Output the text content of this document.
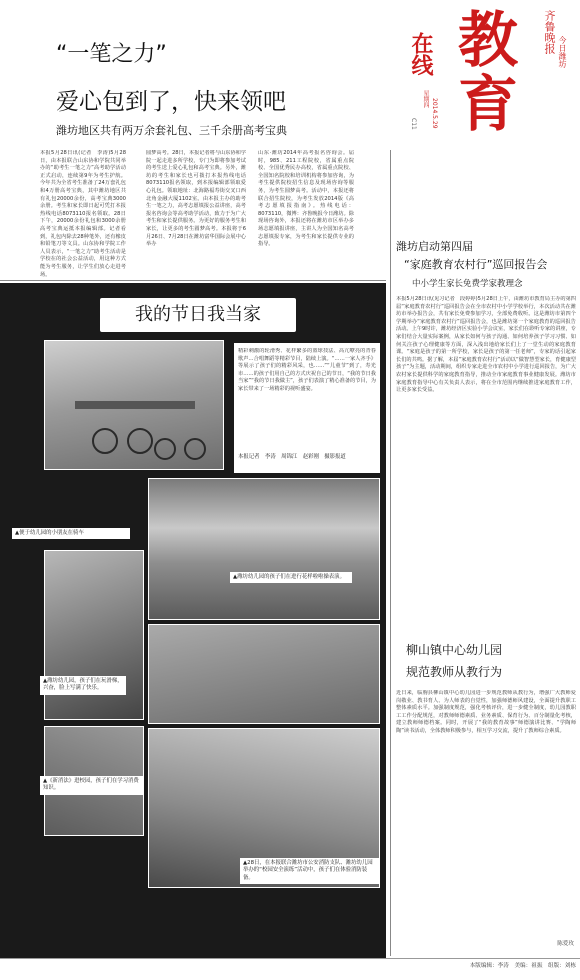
教育
在线	齐鲁晚报 今日潍坊
星期四 2014.5.29
C11
“一笔之力”
爱心包到了，快来领吧
潍坊地区共有两万余套礼包、三千余册高考宝典
本报5月28日讯(记者　李涛)5月28日，由本报联合山东协和学院共同举办的“助考生一笔之力”高考助学活动正式启动，连续第9年为考生护航。今年共为全省考生准备了24万套礼包和4万册高考宝典，其中潍坊地区共有礼包20000余份，高考宝典3000余册。考生和家长即日起可凭打本报热线电话8073110报名领取。28日下午，20000余份礼包和3000余册高考宝典运抵本报编辑部。记者看到，礼包内除去28种笔外，还有橡皮和铅笔刀等文具。山东协和学院工作人员表示，“一笔之力”助考生活动是学校在的社会公益活动，用这种方式能为考生服务，让学生们放心走进考场。
圆梦高考。28日，本报记者将与山东协和学院一起走进多所学校，专门为即将参加考试的考生送上爱心礼包和高考宝典。另外，潍坊的考生和家长也可拨打本报热线电话8073110报名领取，到本报编辑部领取爱心礼包。领取地址：北海路福寿街交叉口西北角金融大厦1102室。由本报主办的助考生一笔之力，高考志愿填报公益讲座，高考报名咨询会等高考助学活动，致力于为广大考生和家长提供服务。为更好的服务考生和家长，让更多的考生圆梦高考。本报将于6月26日、7月28日在潍坊富华国际会展中心举办
山东·潍坊2014年高考报名咨询会。届时，985、211工程院校，省属重点院校、全国优秀民办高校，省属重点院校、全国知名院校和培训机构将参加咨询，为考生提供院校招生信息及现场咨询等服务，为考生圆梦高考。活动中，本报还将联合招生院校，为考生发放2014版《高考志愿填报指南》。热线电话：8073110，微博：齐鲁晚报今日潍坊。除现场咨询外，本报还将在潍坊市区举办多场志愿填报讲座，主讲人为全国知名高考志愿填报专家，为考生和家长提供专业的指导。
我的节日我当家
精彩刺激的轮滑秀、花样繁多的篮球技法、高亢嘹亮的青春歌声…合唱舞蹈等精彩节目，陆续上演。“……一家人齐手》等展示了孩子们的精彩风采，也……”“儿童节”到了，寿光市……的孩子们用自己的方式庆祝自己的节日，“我的节日我当家”“我的节日我做主”，孩子们表演了精心准备的节目，为家长带来了一场精彩的视听盛宴。
本报记者　李涛　周锦江　赵彩刚　摄影报道
▲便于幼儿园的小朋友在骑车
▲潍坊幼儿园的孩子们在进行花样啦啦操表演。
▲潍坊幼儿园，孩子们在玩滑梯，兴奋，脸上写满了快乐。
▲《新消法》进校园，孩子们在学习消费知识。
▲28日，在本报联合潍坊市公安消防支队、潍坊幼儿园举办的“校园安全演练”活动中，孩子们在体验消防装备。
潍坊启动第四届
“家庭教育农村行”巡回报告会
中小学生家长免费学家教理念
本报5月28日讯(见习记者　段婷婷)5月28日上午，由潍坊市教育局主办的第四届“家庭教育农村行”巡回报告会在全市农村中小学学校举行，本次活动共在潍坊市举办报告会，共有家长免费参加学习，全部免费收听。这是潍坊市第四个学期举办“家庭教育农村行”巡回报告会，也是潍坊第一个家庭教育的巡回报告活动。上午9时许，潍坊经济区实验小学会议室，家长们在聆听专家的讲座，专家们结合大量实际案例，从家长如何与孩子沟通、如何培养孩子学习习惯、如何关注孩子心理健康等方面，深入浅出地给家长们上了一堂生动的家庭教育课。“家庭是孩子的第一所学校，家长是孩子的第一任老师”，专家的话引起家长们的共鸣。据了解，本届“家庭教育农村行”活动以“做智慧型家长，育健康型孩子”为主题，活动期间，组织专家走进全市农村中小学进行巡回报告，为广大农村家长提供科学的家庭教育指导，推动全市家庭教育事业健康发展。潍坊市家庭教育指导中心有关负责人表示，将在全市范围内继续推进家庭教育工作，让更多家长受益。
柳山镇中心幼儿园
规范教师从教行为
近日来，临朐县柳山镇中心幼儿园进一步规范教师从教行为，增强广大教师爱岗敬业、教书育人、为人师表的自觉性，加强师德师风建设，全面提升教职工整体素质水平。加强制度规范，强化考核评价，进一步健全制度，幼儿园教职工工作分配规范，对教师师德素质、业务素质、保育行为、百分制量化考核，建立教师师德档案。同时，开展了“我的教育故事”师德演讲比赛、“学陶师陶”读书活动，全体教师积极参与，相互学习交流，提升了教师综合素质。
陈爱玫
本版编辑：李涛　美编：祖振　组版：刘栋
